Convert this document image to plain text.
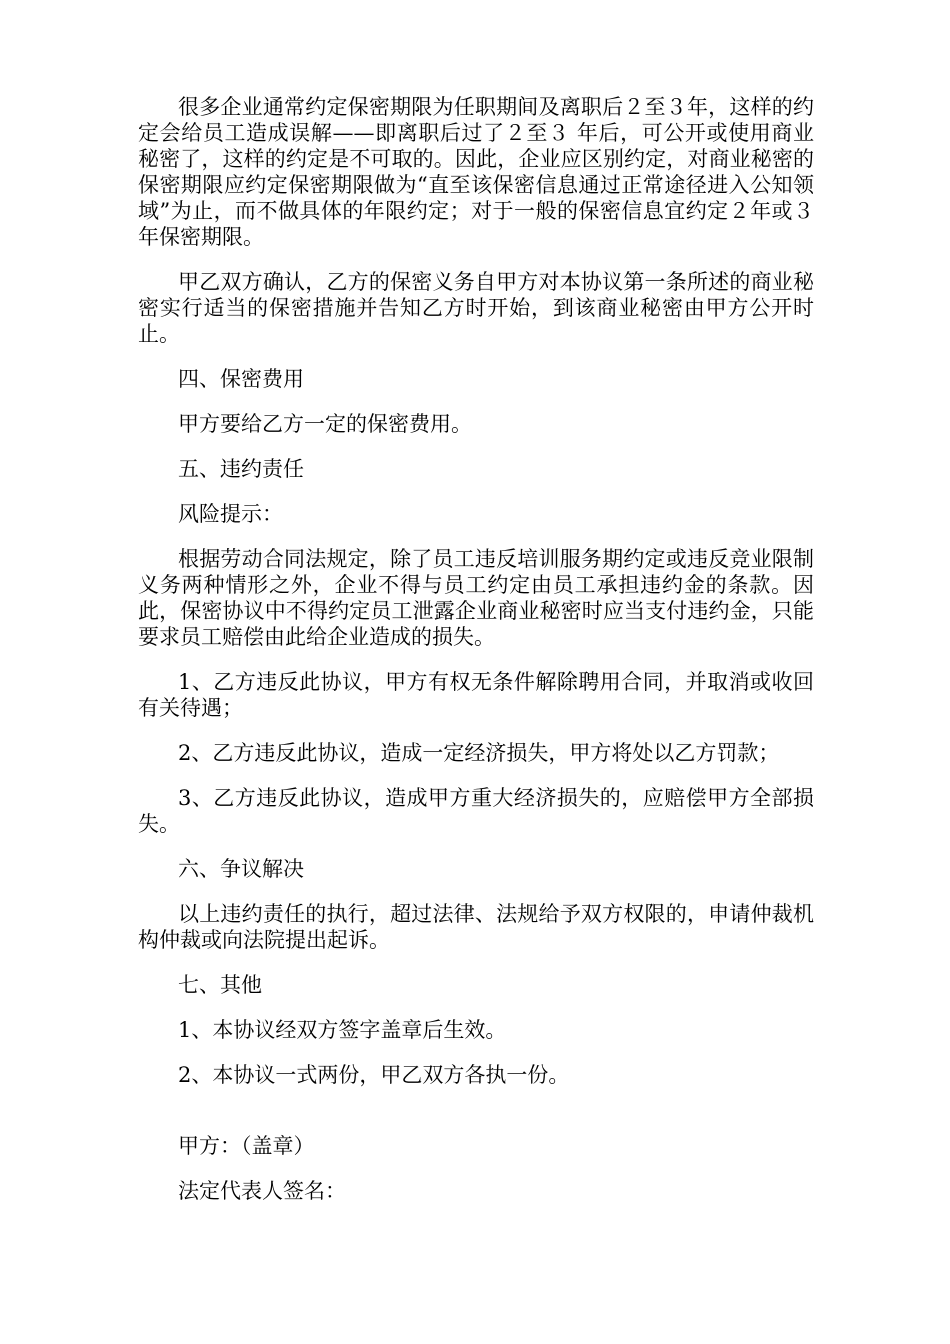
很多企业通常约定保密期限为任职期间及离职后２至３年，这样的约定会给员工造成误解——即离职后过了２至３ 年后，可公开或使用商业秘密了，这样的约定是不可取的。因此，企业应区别约定，对商业秘密的保密期限应约定保密期限做为“直至该保密信息通过正常途径进入公知领域”为止，而不做具体的年限约定；对于一般的保密信息宜约定２年或３年保密期限。

甲乙双方确认，乙方的保密义务自甲方对本协议第一条所述的商业秘密实行适当的保密措施并告知乙方时开始，到该商业秘密由甲方公开时止。

四、保密费用

甲方要给乙方一定的保密费用。

五、违约责任

风险提示：

根据劳动合同法规定，除了员工违反培训服务期约定或违反竞业限制义务两种情形之外，企业不得与员工约定由员工承担违约金的条款。因此，保密协议中不得约定员工泄露企业商业秘密时应当支付违约金，只能要求员工赔偿由此给企业造成的损失。

1、乙方违反此协议，甲方有权无条件解除聘用合同，并取消或收回有关待遇；

2、乙方违反此协议，造成一定经济损失，甲方将处以乙方罚款；

3、乙方违反此协议，造成甲方重大经济损失的，应赔偿甲方全部损失。

六、争议解决

以上违约责任的执行，超过法律、法规给予双方权限的，申请仲裁机构仲裁或向法院提出起诉。

七、其他

1、本协议经双方签字盖章后生效。

2、本协议一式两份，甲乙双方各执一份。

甲方：（盖章）

法定代表人签名：
